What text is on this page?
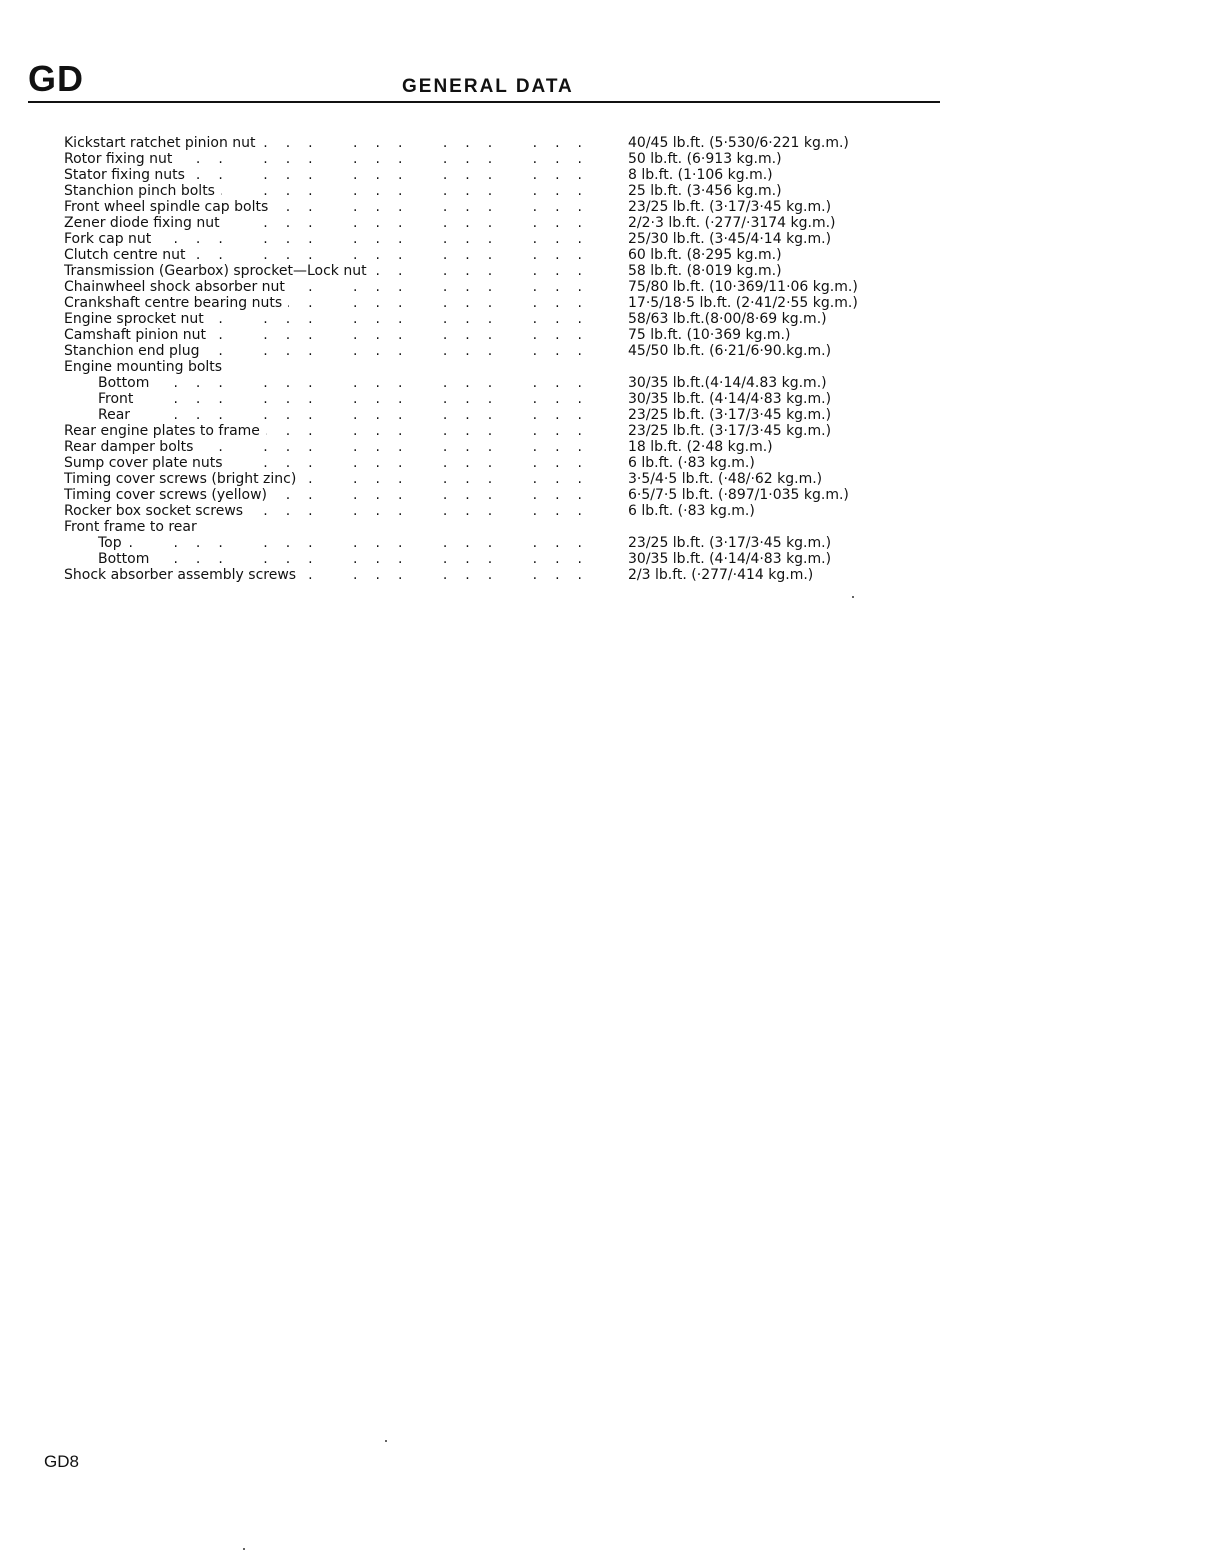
GD	GENERAL DATA
Kickstart ratchet pinion nut ... .	40/45 lb.ft. (5·530/6·221 kg.m.)
Rotor fixing nut ... .	50 lb.ft. (6·913 kg.m.)
Stator fixing nuts ... .	8 lb.ft. (1·106 kg.m.)
Stanchion pinch bolts ... .	25 lb.ft. (3·456 kg.m.)
Front wheel spindle cap bolts ... .	23/25 lb.ft. (3·17/3·45 kg.m.)
Zener diode fixing nut ... .	2/2·3 lb.ft. (·277/·3174 kg.m.)
Fork cap nut ... .	25/30 lb.ft. (3·45/4·14 kg.m.)
Clutch centre nut ... .	60 lb.ft. (8·295 kg.m.)
Transmission (Gearbox) sprocket—Lock nut ... .	58 lb.ft. (8·019 kg.m.)
Chainwheel shock absorber nut ... .	75/80 lb.ft. (10·369/11·06 kg.m.)
Crankshaft centre bearing nuts ... .	17·5/18·5 lb.ft. (2·41/2·55 kg.m.)
Engine sprocket nut ... .	58/63 lb.ft.(8·00/8·69 kg.m.)
Camshaft pinion nut ... .	75 lb.ft. (10·369 kg.m.)
Stanchion end plug ... .	45/50 lb.ft. (6·21/6·90.kg.m.)
Engine mounting bolts
Bottom ... .	30/35 lb.ft.(4·14/4.83 kg.m.)
Front ... .	30/35 lb.ft. (4·14/4·83 kg.m.)
Rear ... .	23/25 lb.ft. (3·17/3·45 kg.m.)
Rear engine plates to frame ... .	23/25 lb.ft. (3·17/3·45 kg.m.)
Rear damper bolts ... .	18 lb.ft. (2·48 kg.m.)
Sump cover plate nuts ... .	6 lb.ft. (·83 kg.m.)
Timing cover screws (bright zinc) ... .	3·5/4·5 lb.ft. (·48/·62 kg.m.)
Timing cover screws (yellow) ... .	6·5/7·5 lb.ft. (·897/1·035 kg.m.)
Rocker box socket screws ... .	6 lb.ft. (·83 kg.m.)
Front frame to rear
Top ... .	23/25 lb.ft. (3·17/3·45 kg.m.)
Bottom ... .	30/35 lb.ft. (4·14/4·83 kg.m.)
Shock absorber assembly screws ... .	2/3 lb.ft. (·277/·414 kg.m.)

GD8
